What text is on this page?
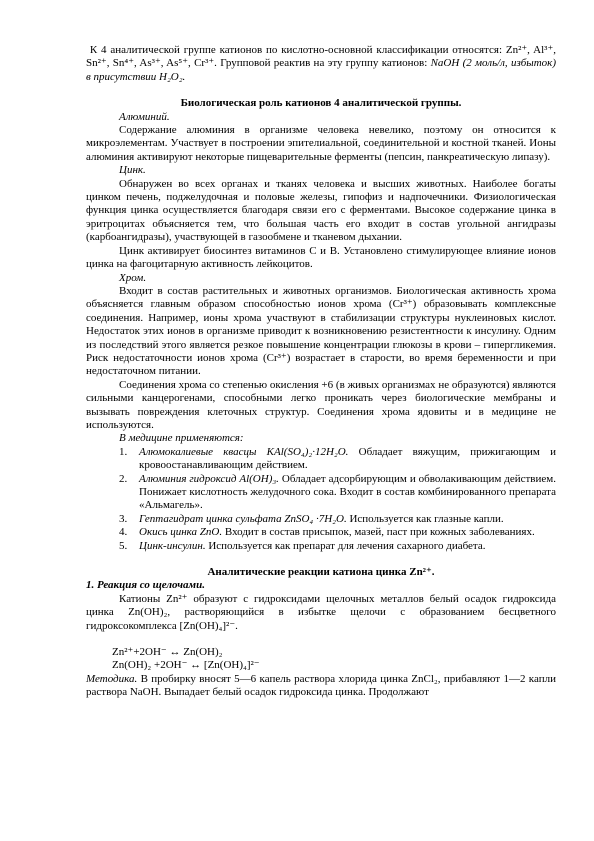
К 4 аналитической группе катионов по кислотно-основной классификации относятся: Zn²⁺, Al³⁺, Sn²⁺, Sn⁴⁺, As³⁺, As⁵⁺, Cr³⁺. Групповой реактив на эту группу катионов: NaOH (2 моль/л, избыток) в присутствии H₂O₂.

Биологическая роль катионов 4 аналитической группы.

Алюминий.

Содержание алюминия в организме человека невелико, поэтому он относится к микроэлементам. Участвует в построении эпителиальной, соединительной и костной тканей. Ионы алюминия активируют некоторые пищеварительные ферменты (пепсин, панкреатическую липазу).

Цинк.

Обнаружен во всех органах и тканях человека и высших животных. Наиболее богаты цинком печень, поджелудочная и половые железы, гипофиз и надпочечники. Физиологическая функция цинка осуществляется благодаря связи его с ферментами. Высокое содержание цинка в эритроцитах объясняется тем, что большая часть его входит в состав угольной ангидразы (карбоангидразы), участвующей в газообмене и тканевом дыхании.

Цинк активирует биосинтез витаминов С и В. Установлено стимулирующее влияние ионов цинка на фагоцитарную активность лейкоцитов.

Хром.

Входит в состав растительных и животных организмов. Биологическая активность хрома объясняется главным образом способностью ионов хрома (Cr³⁺) образовывать комплексные соединения. Например, ионы хрома участвуют в стабилизации структуры нуклеиновых кислот. Недостаток этих ионов в организме приводит к возникновению резистентности к инсулину. Одним из последствий этого является резкое повышение концентрации глюкозы в крови – гипергликемия. Риск недостаточности ионов хрома (Cr³⁺) возрастает в старости, во время беременности и при недостаточном питании.

Соединения хрома со степенью окисления +6 (в живых организмах не образуются) являются сильными канцерогенами, способными легко проникать через биологические мембраны и вызывать повреждения клеточных структур. Соединения хрома ядовиты и в медицине не используются.

В медицине применяются:

1. Алюмокалиевые квасцы KAl(SO₄)₂·12H₂O. Обладает вяжущим, прижигающим и кровоостанавливающим действием.
2. Алюминия гидроксид Al(OH)₃. Обладает адсорбирующим и обволакивающим действием. Понижает кислотность желудочного сока. Входит в состав комбинированного препарата «Альмагель».
3. Гептагидрат цинка сульфата ZnSO₄ ·7H₂O. Используется как глазные капли.
4. Окись цинка ZnO. Входит в состав присыпок, мазей, паст при кожных заболеваниях.
5. Цинк-инсулин. Используется как препарат для лечения сахарного диабета.

Аналитические реакции катиона цинка Zn²⁺.

1. Реакция со щелочами.

Катионы Zn²⁺ образуют с гидроксидами щелочных металлов белый осадок гидроксида цинка Zn(OH)₂, растворяющийся в избытке щелочи с образованием бесцветного гидроксокомплекса [Zn(OH)₄]²⁻.

Zn²⁺+2OH⁻ ↔ Zn(OH)₂

Zn(OH)₂ +2OH⁻ ↔ [Zn(OH)₄]²⁻

Методика. В пробирку вносят 5—6 капель раствора хлорида цинка ZnCl₂, прибавляют 1—2 капли раствора NaOH. Выпадает белый осадок гидроксида цинка. Продолжают
